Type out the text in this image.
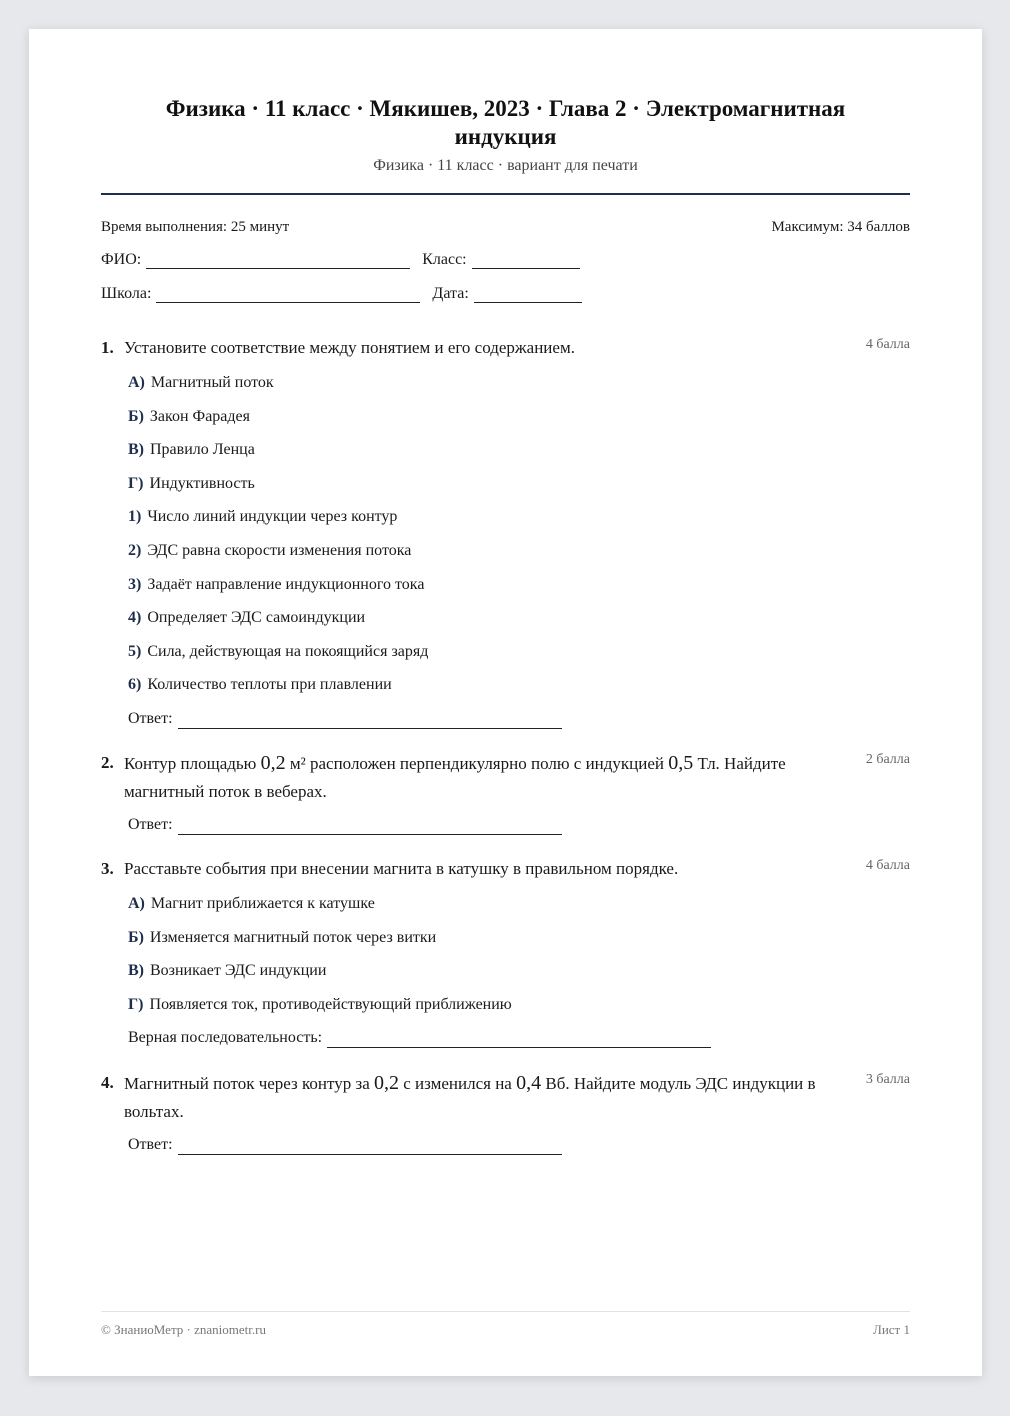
Физика · 11 класс · Мякишев, 2023 · Глава 2 · Электромагнитная индукция
Физика · 11 класс · вариант для печати
Время выполнения: 25 минут	Максимум: 34 баллов
ФИО:	Класс:
Школа:	Дата:
1. Установите соответствие между понятием и его содержанием.	4 балла
А) Магнитный поток
Б) Закон Фарадея
В) Правило Ленца
Г) Индуктивность
1) Число линий индукции через контур
2) ЭДС равна скорости изменения потока
3) Задаёт направление индукционного тока
4) Определяет ЭДС самоиндукции
5) Сила, действующая на покоящийся заряд
6) Количество теплоты при плавлении
Ответ:
2. Контур площадью 0,2 м² расположен перпендикулярно полю с индукцией 0,5 Тл. Найдите магнитный поток в веберах.
2 балла
Ответ:
3. Расставьте события при внесении магнита в катушку в правильном порядке.	4 балла
А) Магнит приближается к катушке
Б) Изменяется магнитный поток через витки
В) Возникает ЭДС индукции
Г) Появляется ток, противодействующий приближению
Верная последовательность:
4. Магнитный поток через контур за 0,2 с изменился на 0,4 Вб. Найдите модуль ЭДС индукции в вольтах.
3 балла
Ответ:
© ЗнаниоМетр · znaniometr.ru	Лист 1
